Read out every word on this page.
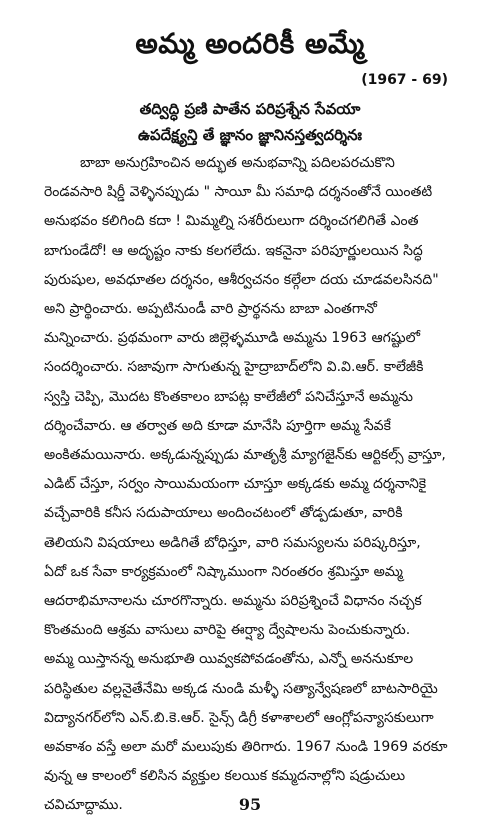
అమ్మ అందరికీ అమ్మే
(1967 - 69)
తద్విద్ధి ప్రణి పాతేన పరిప్రశ్నేన సేవయా
ఉపదేక్ష్యన్తి తే జ్ఞానం జ్ఞానినస్తత్వదర్శినః
బాబా అనుగ్రహించిన అద్భుత అనుభవాన్ని పదిలపరచుకొని
రెండవసారి షిర్డీ వెళ్ళినప్పుడు " సాయీ మీ సమాధి దర్శనంతోనే యింతటి
అనుభవం కలిగింది కదా ! మిమ్మల్ని సశరీరులుగా దర్శించగలిగితే ఎంత
బాగుండేదో! ఆ అదృష్టం నాకు కలగలేదు. ఇకనైనా పరిపూర్ణులయిన సిద్ధ
పురుషుల, అవధూతల దర్శనం, ఆశీర్వచనం కల్గేలా దయ చూడవలసినది"
అని ప్రార్థించారు. అప్పటినుండీ వారి ప్రార్థనను బాబా ఎంతగానో
మన్నించారు. ప్రథమంగా వారు జిల్లెళ్ళమూడి అమ్మను 1963 ఆగష్టులో
సందర్శించారు. సజావుగా సాగుతున్న హైద్రాబాద్‌లోని వి.వి.ఆర్. కాలేజీకి
స్వస్తి చెప్పి, మొదట కొంతకాలం బాపట్ల కాలేజీలో పనిచేస్తూనే అమ్మను
దర్శించేవారు. ఆ తర్వాత అది కూడా మానేసి పూర్తిగా అమ్మ సేవకే
అంకితమయినారు. అక్కడున్నప్పుడు మాతృశ్రీ మ్యాగజైన్‌కు ఆర్టికల్స్ వ్రాస్తూ,
ఎడిట్ చేస్తూ, సర్వం సాయిమయంగా చూస్తూ అక్కడకు అమ్మ దర్శనానికై
వచ్చేవారికి కనీస సదుపాయాలు అందించటంలో తోడ్పడుతూ, వారికి
తెలియని విషయాలు అడిగితే బోధిస్తూ, వారి సమస్యలను పరిష్కరిస్తూ,
ఏదో ఒక సేవా కార్యక్రమంలో నిష్కాముంగా నిరంతరం శ్రమిస్తూ అమ్మ
ఆదరాభిమానాలను చూరగొన్నారు. అమ్మను పరిప్రశ్నించే విధానం నచ్చక
కొంతమంది ఆశ్రమ వాసులు వారిపై ఈర్ష్యా ద్వేషాలను పెంచుకున్నారు.
అమ్మ యిస్తానన్న అనుభూతి యివ్వకపోవడంతోను, ఎన్నో అననుకూల
పరిస్థితుల వల్లనైతేనేమి అక్కడ నుండి మళ్ళీ సత్యాన్వేషణలో బాటసారియై
విద్యానగర్‌లోని ఎన్.బి.కె.ఆర్. సైన్స్ డిగ్రీ కళాశాలలో ఆంగ్లోపన్యాసకులుగా
అవకాశం వస్తే అలా మరో మలుపుకు తిరిగారు. 1967 నుండి 1969 వరకూ
వున్న ఆ కాలంలో కలిసిన వ్యక్తుల కలయిక కమ్మదనాల్లోని షడ్రుచులు
చవిచూద్దాము.	95
